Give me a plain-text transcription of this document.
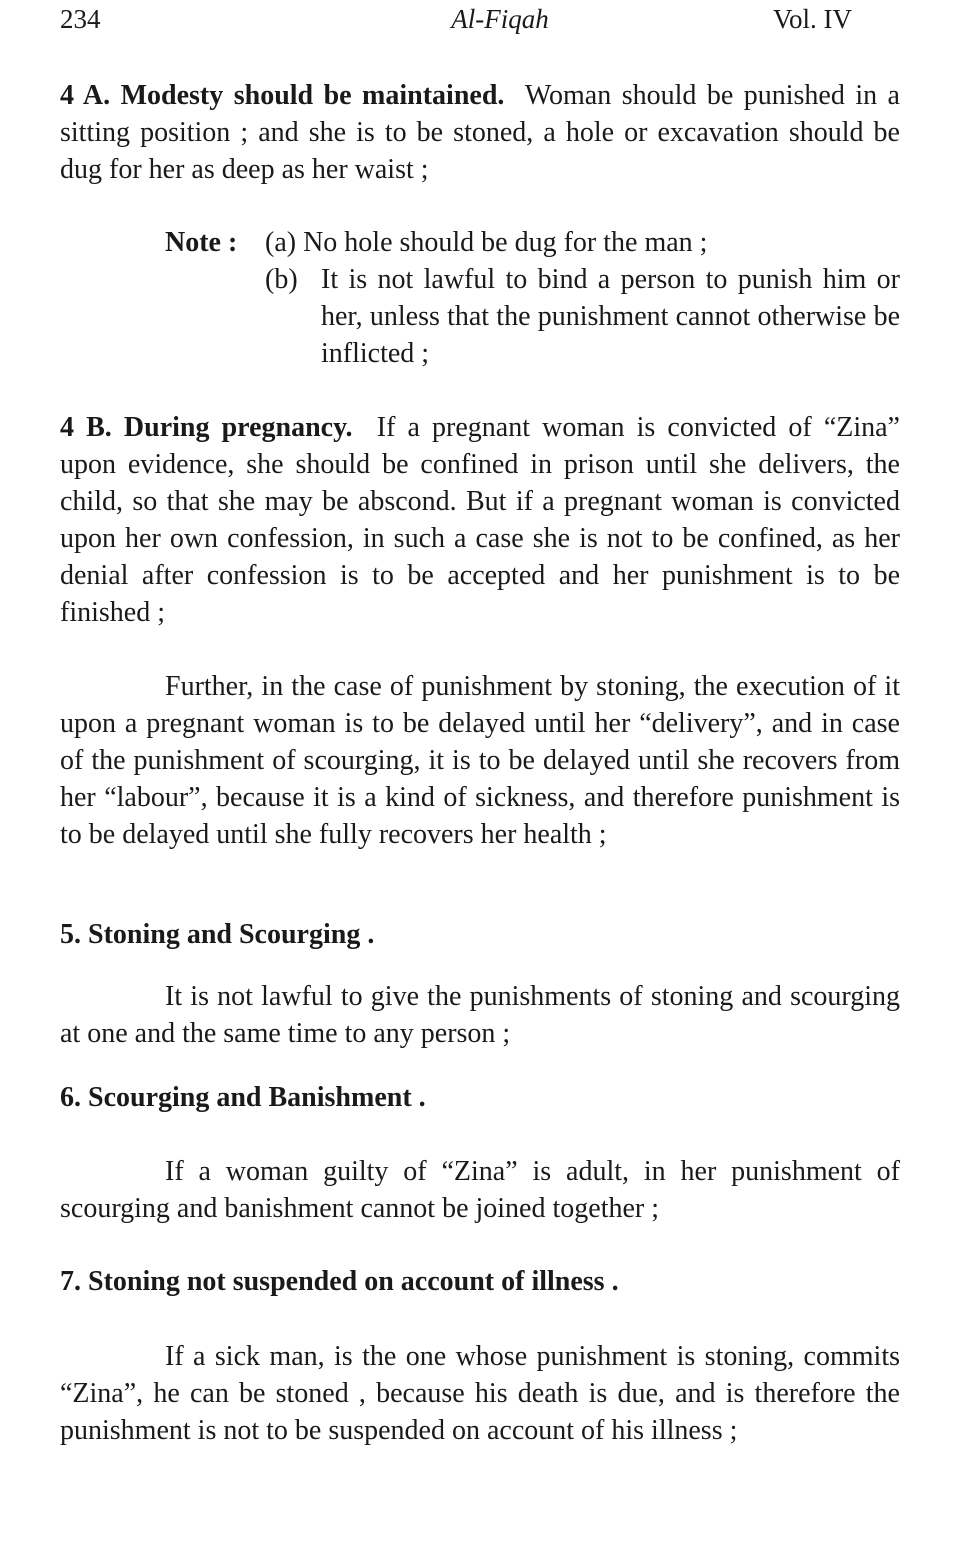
234	Al-Fiqah	Vol. IV

4 A. Modesty should be maintained. Woman should be punished in a sitting position ; and she is to be stoned, a hole or excavation should be dug for her as deep as her waist ;

Note : (a) No hole should be dug for the man ;
(b) It is not lawful to bind a person to punish him or her, unless that the punishment cannot otherwise be inflicted ;

4 B. During pregnancy. If a pregnant woman is convicted of “Zina” upon evidence, she should be confined in prison until she delivers, the child, so that she may be abscond. But if a pregnant woman is convicted upon her own confession, in such a case she is not to be confined, as her denial after confession is to be accepted and her punishment is to be finished ;

Further, in the case of punishment by stoning, the execution of it upon a pregnant woman is to be delayed until her “delivery”, and in case of the punishment of scourging, it is to be delayed until she recovers from her “labour”, because it is a kind of sickness, and therefore punishment is to be delayed until she fully recovers her health ;

5. Stoning and Scourging .

It is not lawful to give the punishments of stoning and scourging at one and the same time to any person ;

6. Scourging and Banishment .

If a woman guilty of “Zina” is adult, in her punishment of scourging and banishment cannot be joined together ;

7. Stoning not suspended on account of illness .

If a sick man, is the one whose punishment is stoning, commits “Zina”, he can be stoned , because his death is due, and is therefore the punishment is not to be suspended on account of his illness ;
